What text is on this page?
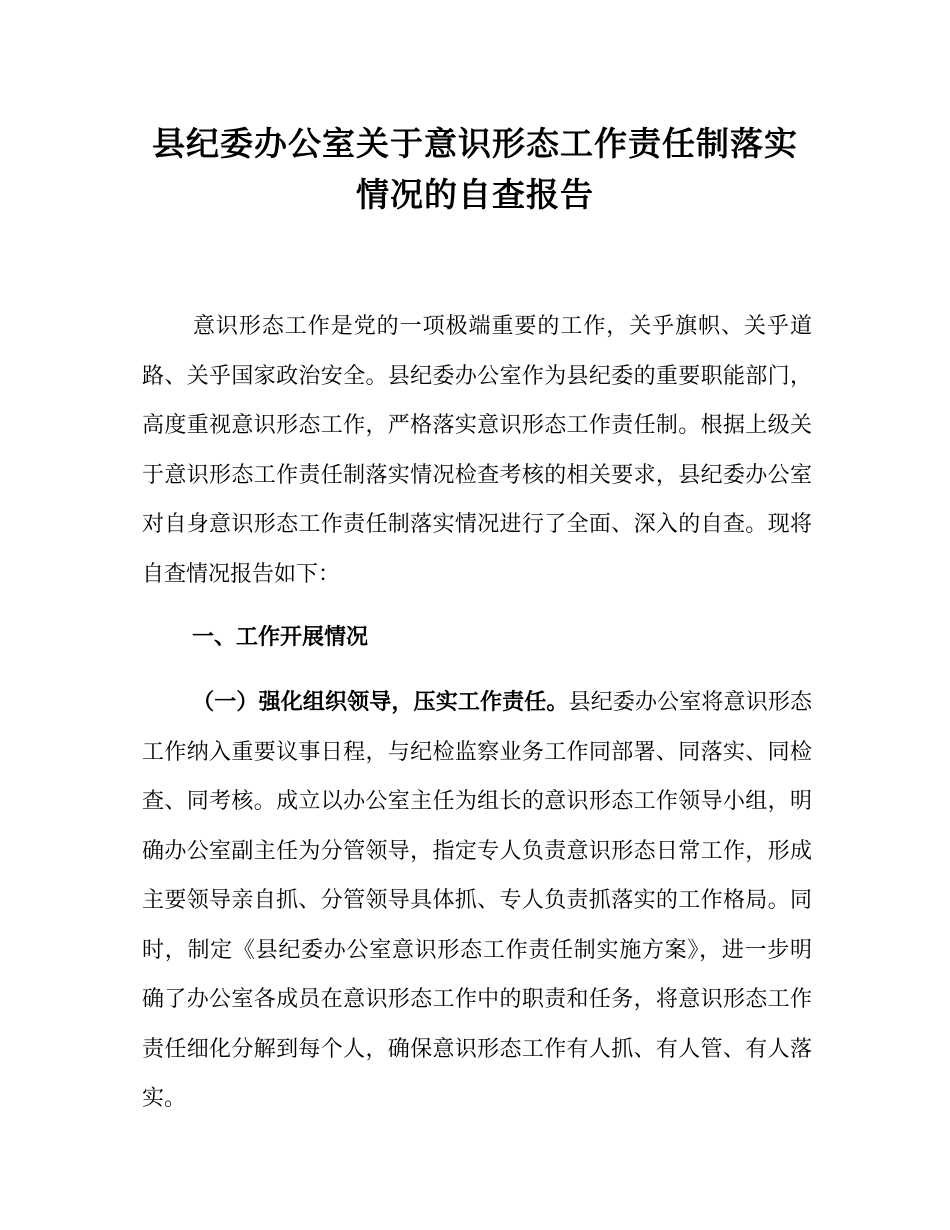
县纪委办公室关于意识形态工作责任制落实
情况的自查报告

意识形态工作是党的一项极端重要的工作，关乎旗帜、关乎道路、关乎国家政治安全。县纪委办公室作为县纪委的重要职能部门，高度重视意识形态工作，严格落实意识形态工作责任制。根据上级关于意识形态工作责任制落实情况检查考核的相关要求，县纪委办公室对自身意识形态工作责任制落实情况进行了全面、深入的自查。现将自查情况报告如下：

一、工作开展情况

（一）强化组织领导，压实工作责任。县纪委办公室将意识形态工作纳入重要议事日程，与纪检监察业务工作同部署、同落实、同检查、同考核。成立以办公室主任为组长的意识形态工作领导小组，明确办公室副主任为分管领导，指定专人负责意识形态日常工作，形成主要领导亲自抓、分管领导具体抓、专人负责抓落实的工作格局。同时，制定《县纪委办公室意识形态工作责任制实施方案》，进一步明确了办公室各成员在意识形态工作中的职责和任务，将意识形态工作责任细化分解到每个人，确保意识形态工作有人抓、有人管、有人落实。
